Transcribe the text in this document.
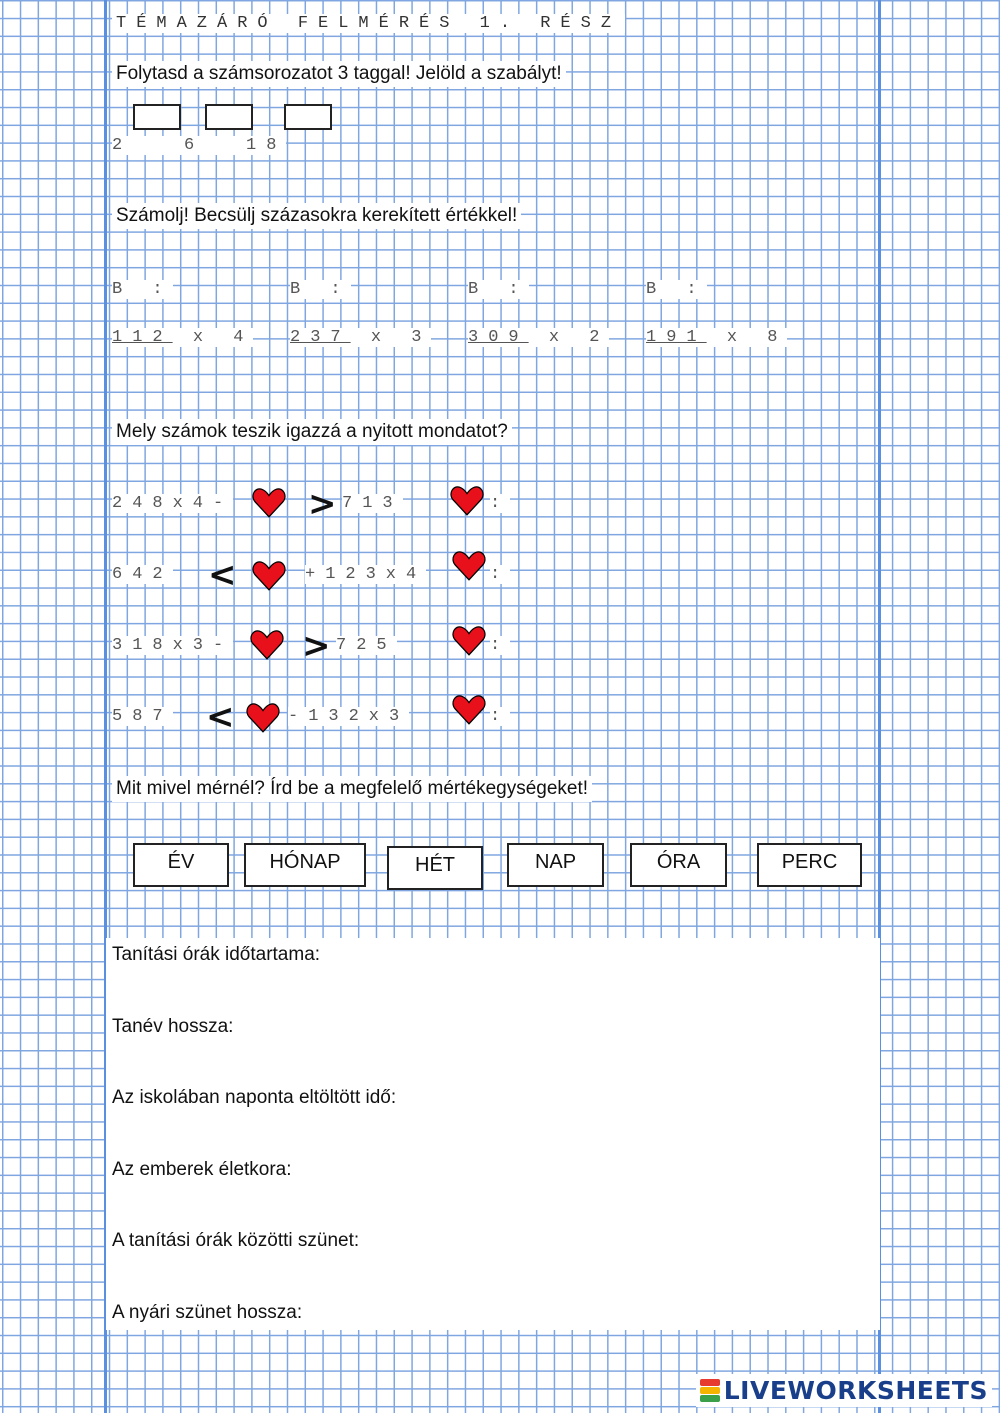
TÉMAZÁRÓ FELMÉRÉS 1. RÉSZ
Folytasd a számsorozatot 3 taggal! Jelöld a szabályt!
2	6 18
Számolj! Becsülj százasokra kerekített értékkel!
B :	B :	B :	B :
112 x 4 237 x 3 309 x 2 191 x 8
Mely számok teszik igazzá a nyitott mondatot?
248x4- > 713	:
642 <	+123x4	:
318x3- > 725	:
587 <	-132x3	:
Mit mivel mérnél? Írd be a megfelelő mértékegységeket!
ÉV	HÓNAP	HÉT	NAP	ÓRA	PERC
Tanítási órák időtartama:
Tanév hossza:
Az iskolában naponta eltöltött idő:
Az emberek életkora:
A tanítási órák közötti szünet:
A nyári szünet hossza:
LIVEWORKSHEETS
